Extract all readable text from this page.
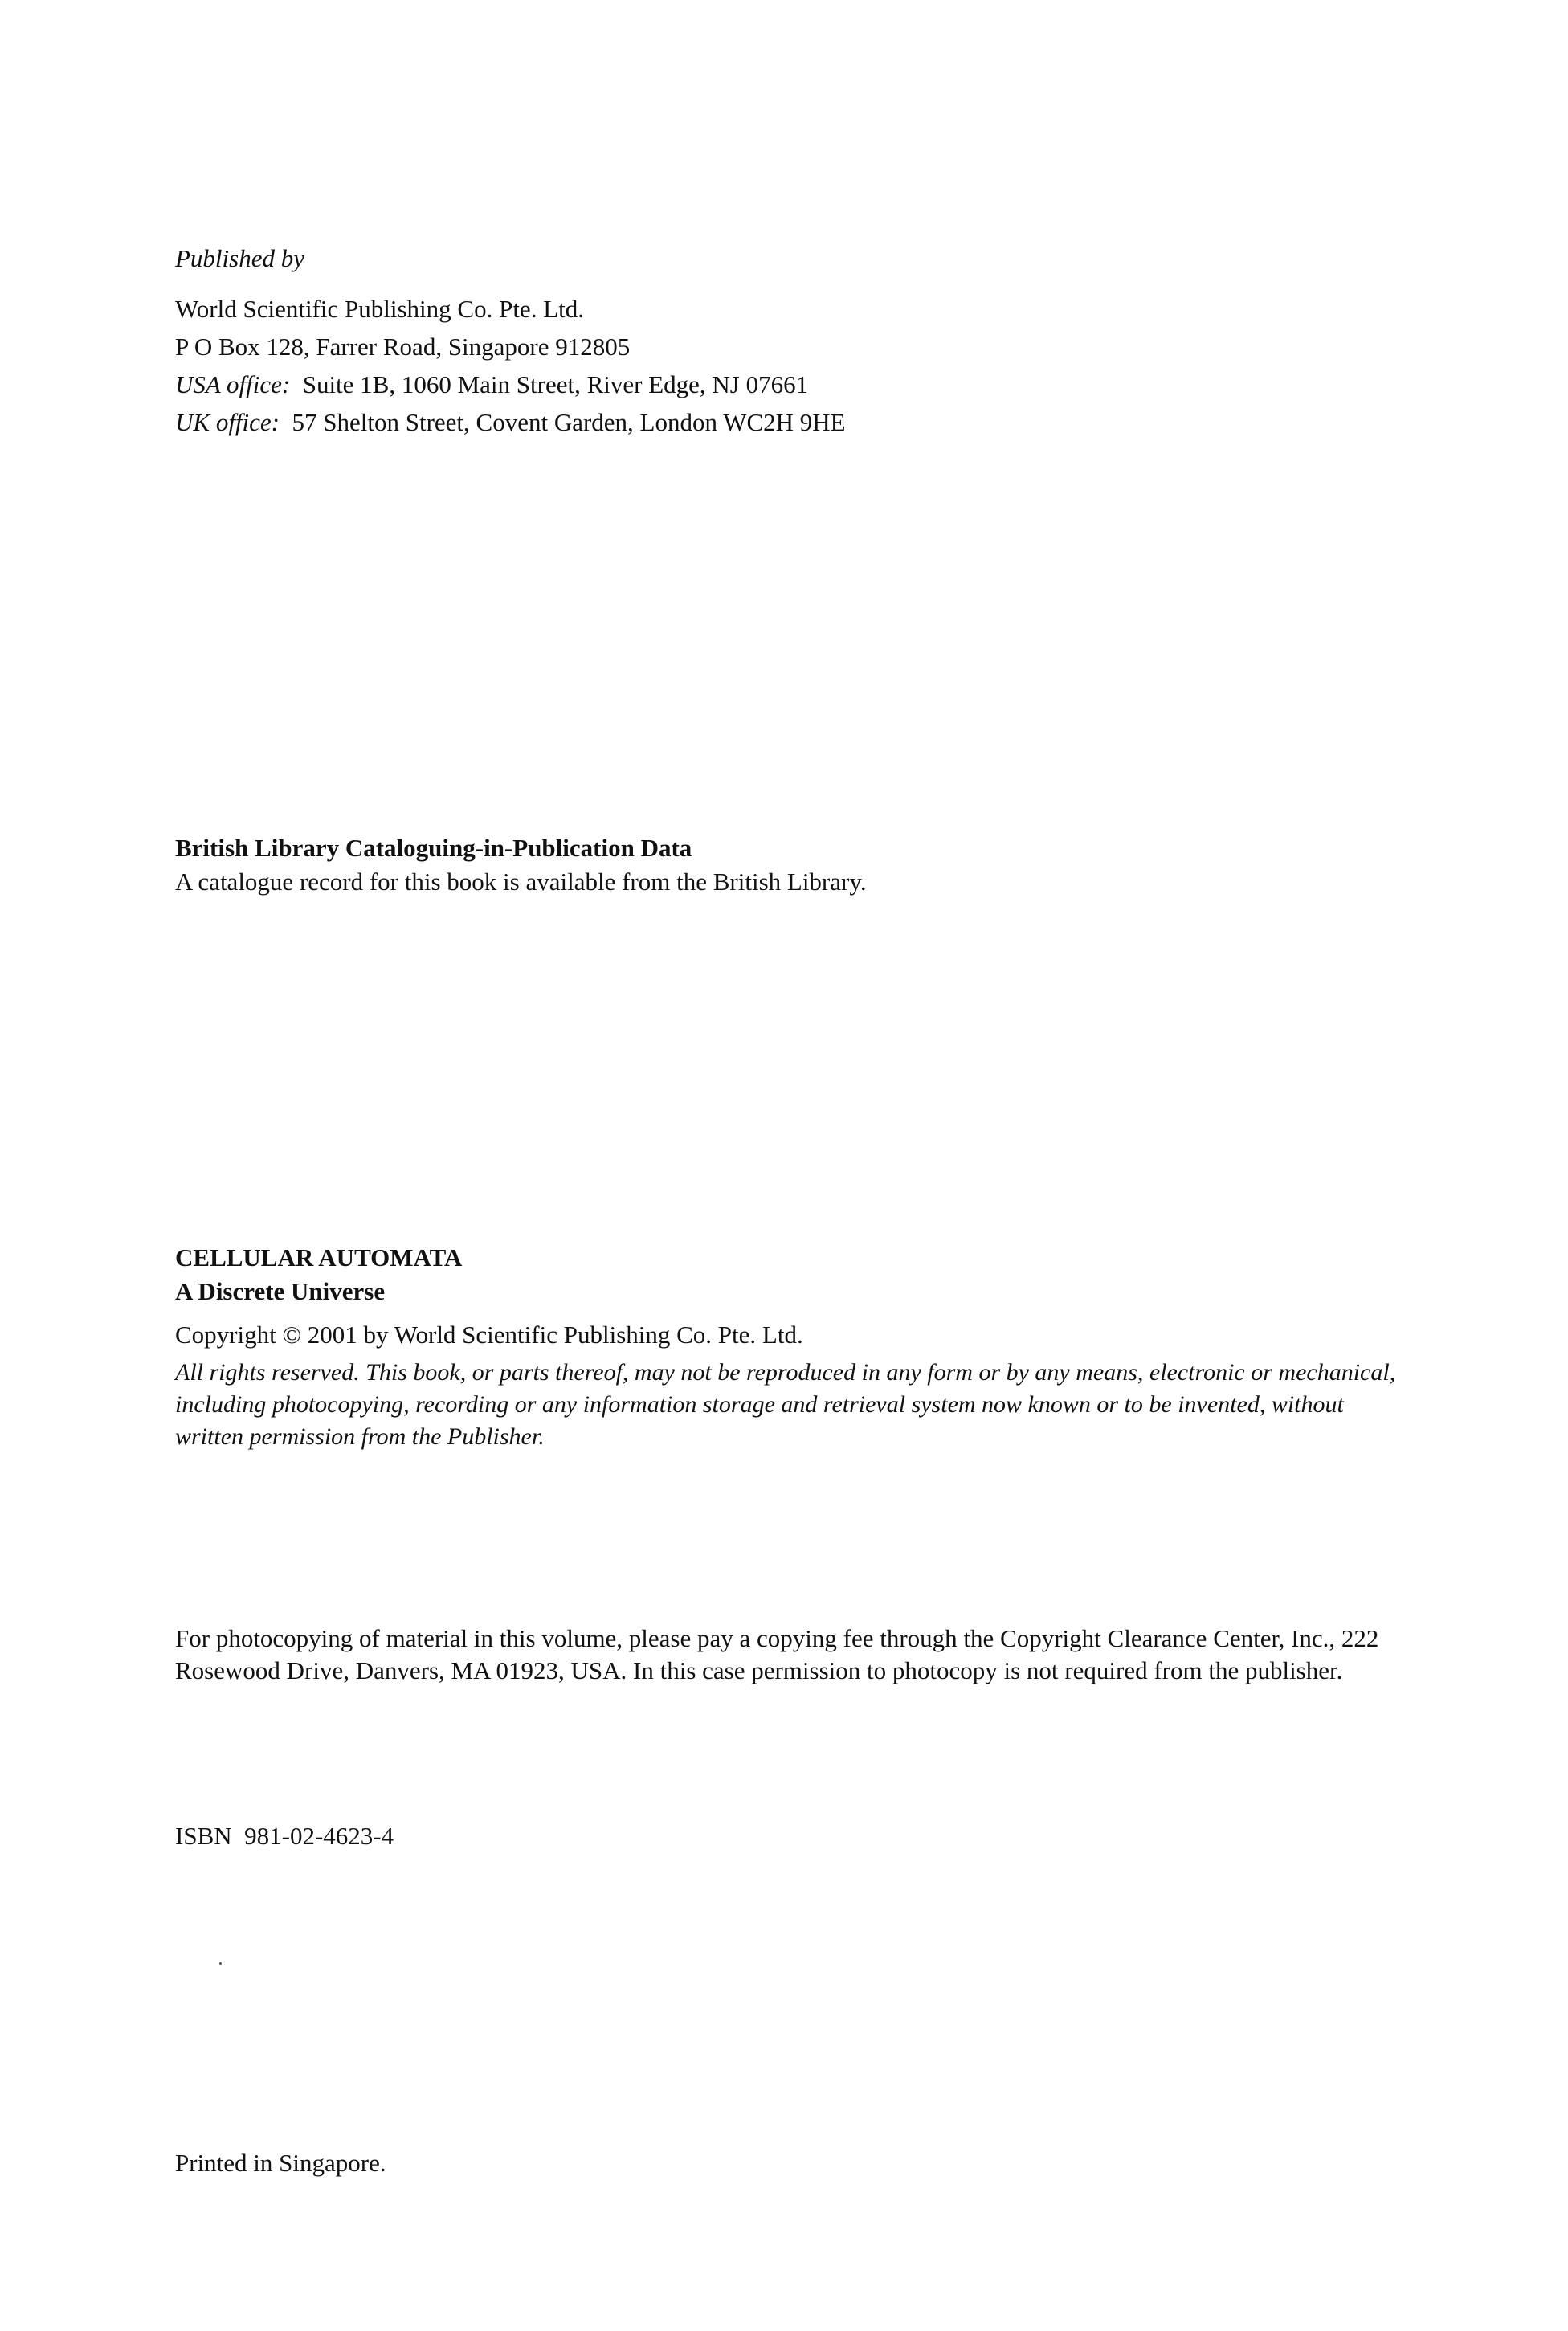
Published by
World Scientific Publishing Co. Pte. Ltd.
P O Box 128, Farrer Road, Singapore 912805
USA office: Suite 1B, 1060 Main Street, River Edge, NJ 07661
UK office: 57 Shelton Street, Covent Garden, London WC2H 9HE
British Library Cataloguing-in-Publication Data
A catalogue record for this book is available from the British Library.
CELLULAR AUTOMATA
A Discrete Universe
Copyright © 2001 by World Scientific Publishing Co. Pte. Ltd.
All rights reserved. This book, or parts thereof, may not be reproduced in any form or by any means, electronic or mechanical, including photocopying, recording or any information storage and retrieval system now known or to be invented, without written permission from the Publisher.
For photocopying of material in this volume, please pay a copying fee through the Copyright Clearance Center, Inc., 222 Rosewood Drive, Danvers, MA 01923, USA. In this case permission to photocopy is not required from the publisher.
ISBN  981-02-4623-4
Printed in Singapore.
